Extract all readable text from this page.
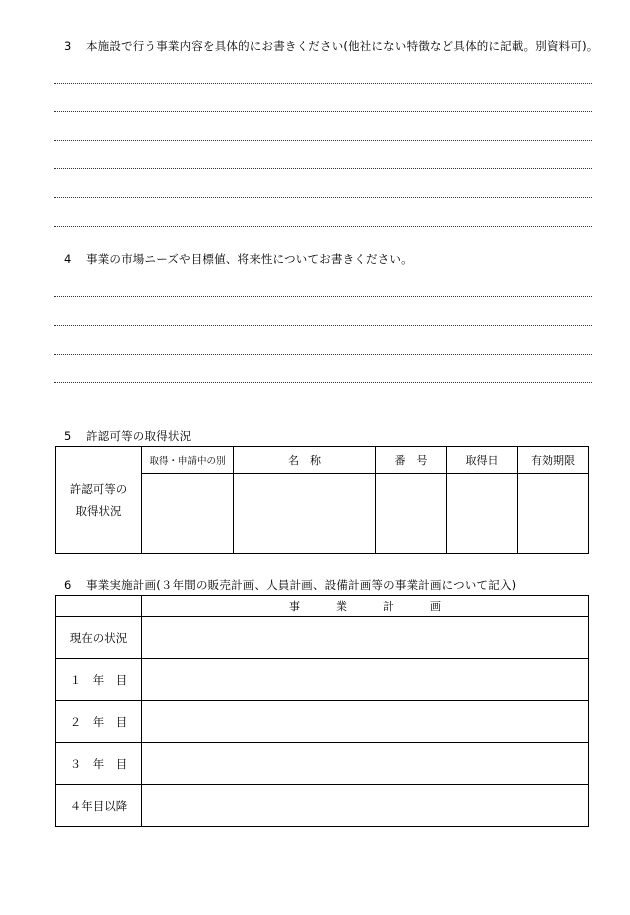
3 本施設で行う事業内容を具体的にお書きください(他社にない特徴など具体的に記載。別資料可)。
4 事業の市場ニーズや目標値、将来性についてお書きください。
5 許認可等の取得状況
許認可等の
取得状況	取得・申請中の別	名　称	番　号	取得日	有効期限

6 事業実施計画(３年間の販売計画、人員計画、設備計画等の事業計画について記入)
	事業計画
現在の状況	
１　年　目	
２　年　目	
３　年　目	
４年目以降	
